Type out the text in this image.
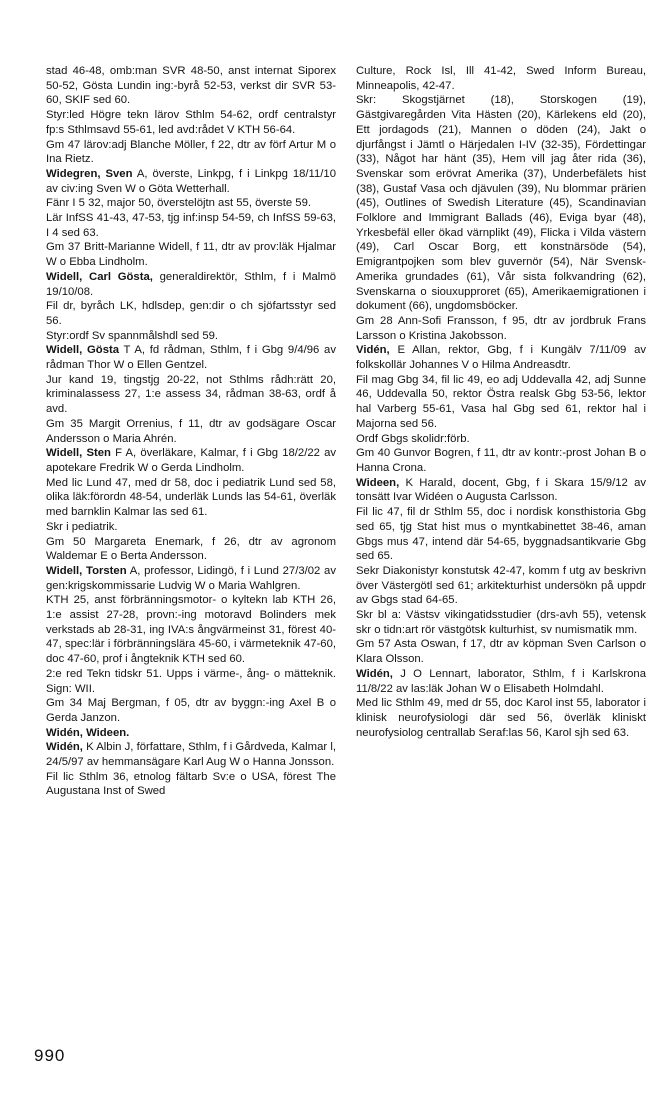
stad 46-48, omb:man SVR 48-50, anst internat Siporex 50-52, Gösta Lundin ing:-byrå 52-53, verkst dir SVR 53-60, SKIF sed 60.

Styr:led Högre tekn lärov Sthlm 54-62, ordf centralstyr fp:s Sthlmsavd 55-61, led avd:rådet V KTH 56-64.

Gm 47 lärov:adj Blanche Möller, f 22, dtr av förf Artur M o Ina Rietz.

Widegren, Sven A, överste, Linkpg, f i Linkpg 18/11/10 av civ:ing Sven W o Göta Wetterhall.

Fänr I 5 32, major 50, överstelöjtn ast 55, överste 59.

Lär InfSS 41-43, 47-53, tjg inf:insp 54-59, ch InfSS 59-63, I 4 sed 63.

Gm 37 Britt-Marianne Widell, f 11, dtr av prov:läk Hjalmar W o Ebba Lindholm.

Widell, Carl Gösta, generaldirektör, Sthlm, f i Malmö 19/10/08.

Fil dr, byråch LK, hdlsdep, gen:dir o ch sjöfartsstyr sed 56.

Styr:ordf Sv spannmålshdl sed 59.

Widell, Gösta T A, fd rådman, Sthlm, f i Gbg 9/4/96 av rådman Thor W o Ellen Gentzel.

Jur kand 19, tingstjg 20-22, not Sthlms rådh:rätt 20, kriminalassess 27, 1:e assess 34, rådman 38-63, ordf å avd.

Gm 35 Margit Orrenius, f 11, dtr av godsägare Oscar Andersson o Maria Ahrén.

Widell, Sten F A, överläkare, Kalmar, f i Gbg 18/2/22 av apotekare Fredrik W o Gerda Lindholm.

Med lic Lund 47, med dr 58, doc i pediatrik Lund sed 58, olika läk:förordn 48-54, underläk Lunds las 54-61, överläk med barnklin Kalmar las sed 61.

Skr i pediatrik.

Gm 50 Margareta Enemark, f 26, dtr av agronom Waldemar E o Berta Andersson.

Widell, Torsten A, professor, Lidingö, f i Lund 27/3/02 av gen:krigskommissarie Ludvig W o Maria Wahlgren.

KTH 25, anst förbränningsmotor- o kyltekn lab KTH 26, 1:e assist 27-28, provn:-ing motoravd Bolinders mek verkstads ab 28-31, ing IVA:s ångvärmeinst 31, förest 40-47, spec:lär i förbränningslära 45-60, i värmeteknik 47-60, doc 47-60, prof i ångteknik KTH sed 60.

2:e red Tekn tidskr 51. Upps i värme-, ång- o mätteknik. Sign: WII.

Gm 34 Maj Bergman, f 05, dtr av byggn:-ing Axel B o Gerda Janzon.

Widén, Wideen.

Widén, K Albin J, författare, Sthlm, f i Gårdveda, Kalmar l, 24/5/97 av hemmansägare Karl Aug W o Hanna Jonsson.

Fil lic Sthlm 36, etnolog fältarb Sv:e o USA, förest The Augustana Inst of Swed

Culture, Rock Isl, Ill 41-42, Swed Inform Bureau, Minneapolis, 42-47.

Skr: Skogstjärnet (18), Storskogen (19), Gästgivaregården Vita Hästen (20), Kärlekens eld (20), Ett jordagods (21), Mannen o döden (24), Jakt o djurfångst i Jämtl o Härjedalen I-IV (32-35), Fördettingar (33), Något har hänt (35), Hem vill jag åter rida (36), Svenskar som erövrat Amerika (37), Underbefälets hist (38), Gustaf Vasa och djävulen (39), Nu blommar prärien (45), Outlines of Swedish Literature (45), Scandinavian Folklore and Immigrant Ballads (46), Eviga byar (48), Yrkesbefäl eller ökad värnplikt (49), Flicka i Vilda västern (49), Carl Oscar Borg, ett konstnärsöde (54), Emigrantpojken som blev guvernör (54), När Svensk-Amerika grundades (61), Vår sista folkvandring (62), Svenskarna o siouxupproret (65), Amerikaemigrationen i dokument (66), ungdomsböcker.

Gm 28 Ann-Sofi Fransson, f 95, dtr av jordbruk Frans Larsson o Kristina Jakobsson.

Vidén, E Allan, rektor, Gbg, f i Kungälv 7/11/09 av folkskollär Johannes V o Hilma Andreasdtr.

Fil mag Gbg 34, fil lic 49, eo adj Uddevalla 42, adj Sunne 46, Uddevalla 50, rektor Östra realsk Gbg 53-56, lektor hal Varberg 55-61, Vasa hal Gbg sed 61, rektor hal i Majorna sed 56.

Ordf Gbgs skolidr:förb.

Gm 40 Gunvor Bogren, f 11, dtr av kontr:-prost Johan B o Hanna Crona.

Wideen, K Harald, docent, Gbg, f i Skara 15/9/12 av tonsätt Ivar Widéen o Augusta Carlsson.

Fil lic 47, fil dr Sthlm 55, doc i nordisk konsthistoria Gbg sed 65, tjg Stat hist mus o myntkabinettet 38-46, aman Gbgs mus 47, intend där 54-65, byggnadsantikvarie Gbg sed 65.

Sekr Diakonistyr konstutsk 42-47, komm f utg av beskrivn över Västergötl sed 61; arkitekturhist undersökn på uppdr av Gbgs stad 64-65.

Skr bl a: Västsv vikingatidsstudier (drs-avh 55), vetensk skr o tidn:art rör västgötsk kulturhist, sv numismatik mm.

Gm 57 Asta Oswan, f 17, dtr av köpman Sven Carlson o Klara Olsson.

Widén, J O Lennart, laborator, Sthlm, f i Karlskrona 11/8/22 av las:läk Johan W o Elisabeth Holmdahl.

Med lic Sthlm 49, med dr 55, doc Karol inst 55, laborator i klinisk neurofysiologi där sed 56, överläk kliniskt neurofysiolog centrallab Seraf:las 56, Karol sjh sed 63.

990
